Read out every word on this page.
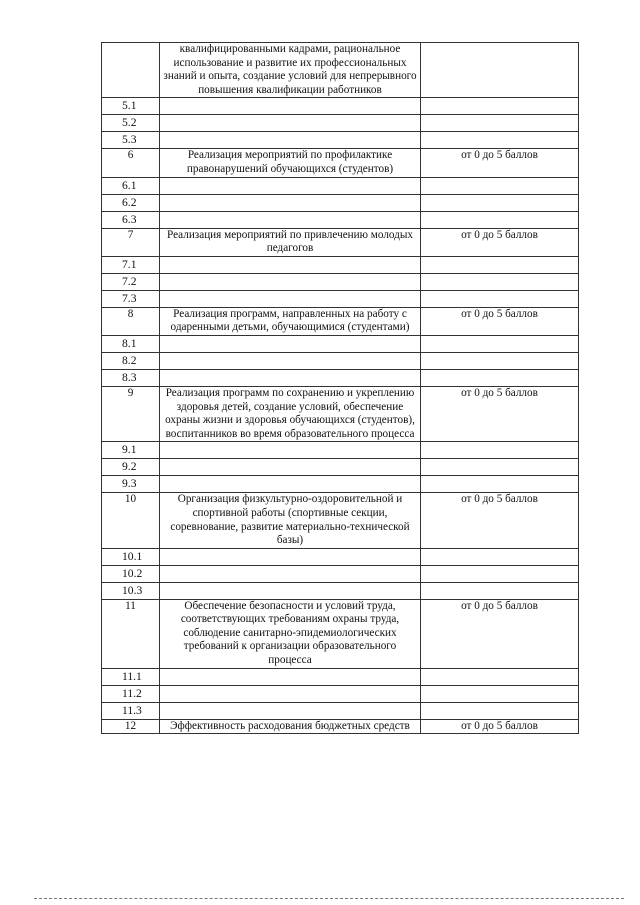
	квалифицированными кадрами, рациональное использование и развитие их профессиональных знаний и опыта, создание условий для непрерывного повышения квалификации работников	
5.1		
5.2		
5.3		
6	Реализация мероприятий по профилактике правонарушений обучающихся (студентов)	от 0 до 5 баллов
6.1		
6.2		
6.3		
7	Реализация мероприятий по привлечению молодых педагогов	от 0 до 5 баллов
7.1		
7.2		
7.3		
8	Реализация программ, направленных на работу с одаренными детьми, обучающимися (студентами)	от 0 до 5 баллов
8.1		
8.2		
8.3		
9	Реализация программ по сохранению и укреплению здоровья детей, создание условий, обеспечение охраны жизни и здоровья обучающихся (студентов), воспитанников во время образовательного процесса	от 0 до 5 баллов
9.1		
9.2		
9.3		
10	Организация физкультурно-оздоровительной и спортивной работы (спортивные секции, соревнование, развитие материально-технической базы)	от 0 до 5 баллов
10.1		
10.2		
10.3		
11	Обеспечение безопасности и условий труда, соответствующих требованиям охраны труда, соблюдение санитарно-эпидемиологических требований к организации образовательного процесса	от 0 до 5 баллов
11.1		
11.2		
11.3		
12	Эффективность расходования бюджетных средств	от 0 до 5 баллов
